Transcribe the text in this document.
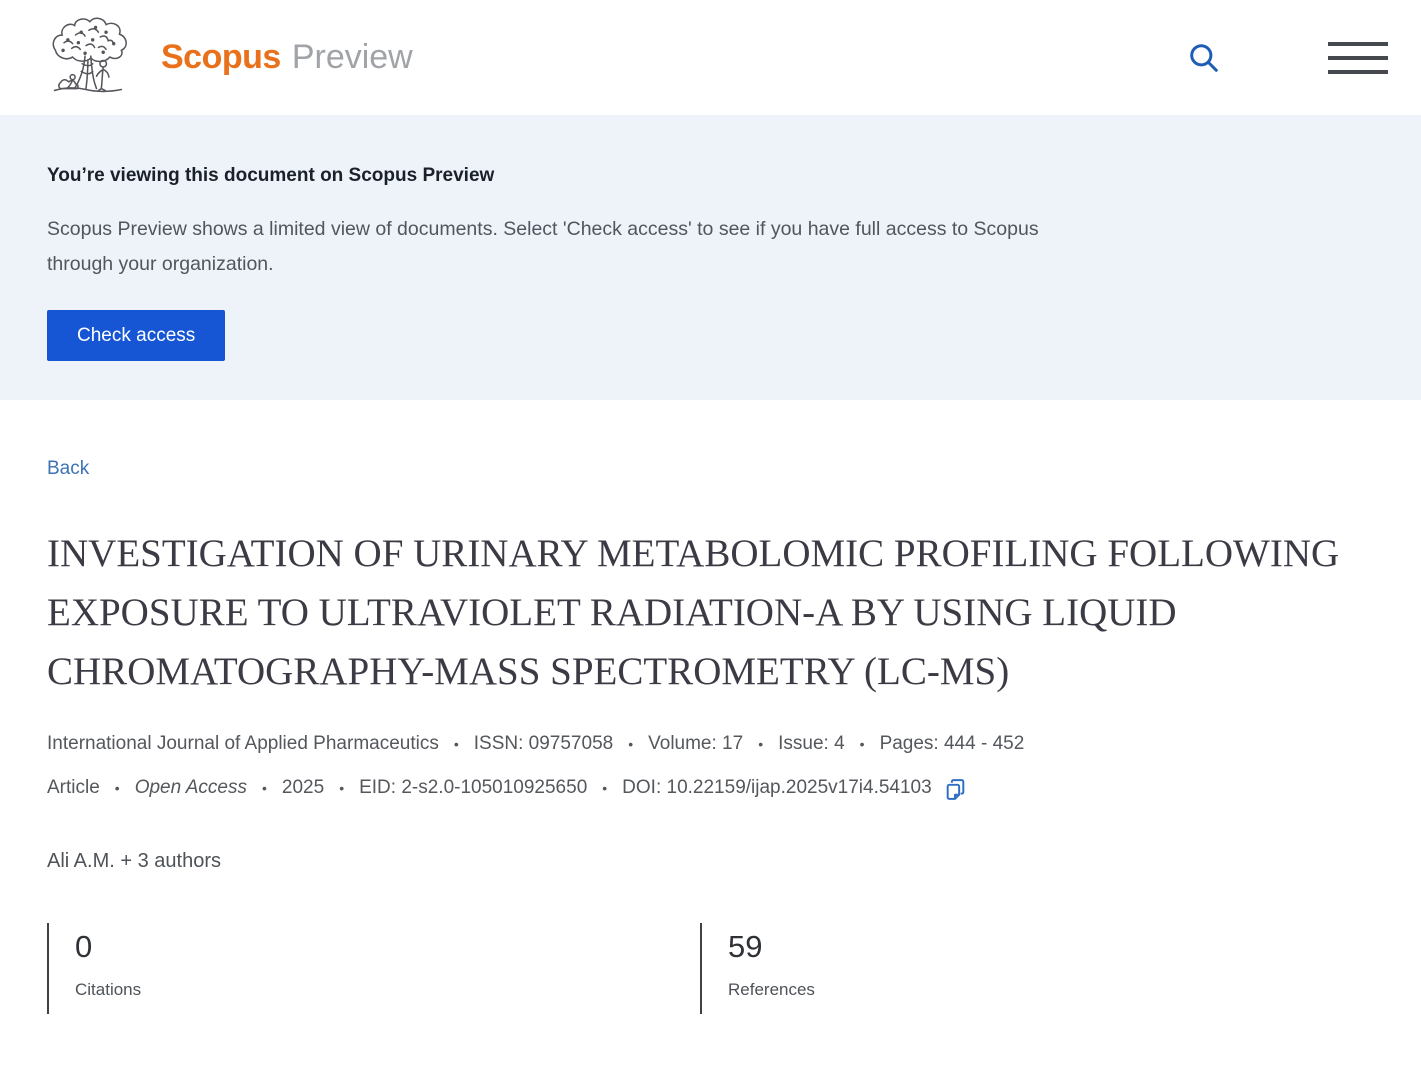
Scopus Preview
You’re viewing this document on Scopus Preview

Scopus Preview shows a limited view of documents. Select 'Check access' to see if you have full access to Scopus through your organization.

Check access
Back
INVESTIGATION OF URINARY METABOLOMIC PROFILING FOLLOWING EXPOSURE TO ULTRAVIOLET RADIATION-A BY USING LIQUID CHROMATOGRAPHY-MASS SPECTROMETRY (LC-MS)
International Journal of Applied Pharmaceutics • ISSN: 09757058 • Volume: 17 • Issue: 4 • Pages: 444 - 452
Article • Open Access • 2025 • EID: 2-s2.0-105010925650 • DOI: 10.22159/ijap.2025v17i4.54103
Ali A.M. + 3 authors
0
Citations
59
References
